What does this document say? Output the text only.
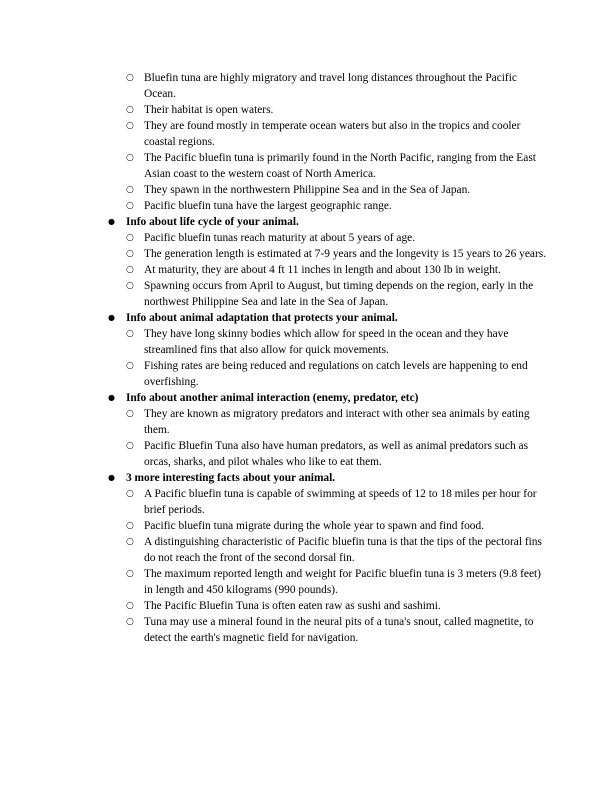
○ Bluefin tuna are highly migratory and travel long distances throughout the Pacific Ocean.
○ Their habitat is open waters.
○ They are found mostly in temperate ocean waters but also in the tropics and cooler coastal regions.
○ The Pacific bluefin tuna is primarily found in the North Pacific, ranging from the East Asian coast to the western coast of North America.
○ They spawn in the northwestern Philippine Sea and in the Sea of Japan.
○ Pacific bluefin tuna have the largest geographic range.
● Info about life cycle of your animal.
○ Pacific bluefin tunas reach maturity at about 5 years of age.
○ The generation length is estimated at 7-9 years and the longevity is 15 years to 26 years.
○ At maturity, they are about 4 ft 11 inches in length and about 130 lb in weight.
○ Spawning occurs from April to August, but timing depends on the region, early in the northwest Philippine Sea and late in the Sea of Japan.
● Info about animal adaptation that protects your animal.
○ They have long skinny bodies which allow for speed in the ocean and they have streamlined fins that also allow for quick movements.
○ Fishing rates are being reduced and regulations on catch levels are happening to end overfishing.
● Info about another animal interaction (enemy, predator, etc)
○ They are known as migratory predators and interact with other sea animals by eating them.
○ Pacific Bluefin Tuna also have human predators, as well as animal predators such as orcas, sharks, and pilot whales who like to eat them.
● 3 more interesting facts about your animal.
○ A Pacific bluefin tuna is capable of swimming at speeds of 12 to 18 miles per hour for brief periods.
○ Pacific bluefin tuna migrate during the whole year to spawn and find food.
○ A distinguishing characteristic of Pacific bluefin tuna is that the tips of the pectoral fins do not reach the front of the second dorsal fin.
○ The maximum reported length and weight for Pacific bluefin tuna is 3 meters (9.8 feet) in length and 450 kilograms (990 pounds).
○ The Pacific Bluefin Tuna is often eaten raw as sushi and sashimi.
○ Tuna may use a mineral found in the neural pits of a tuna's snout, called magnetite, to detect the earth's magnetic field for navigation.
